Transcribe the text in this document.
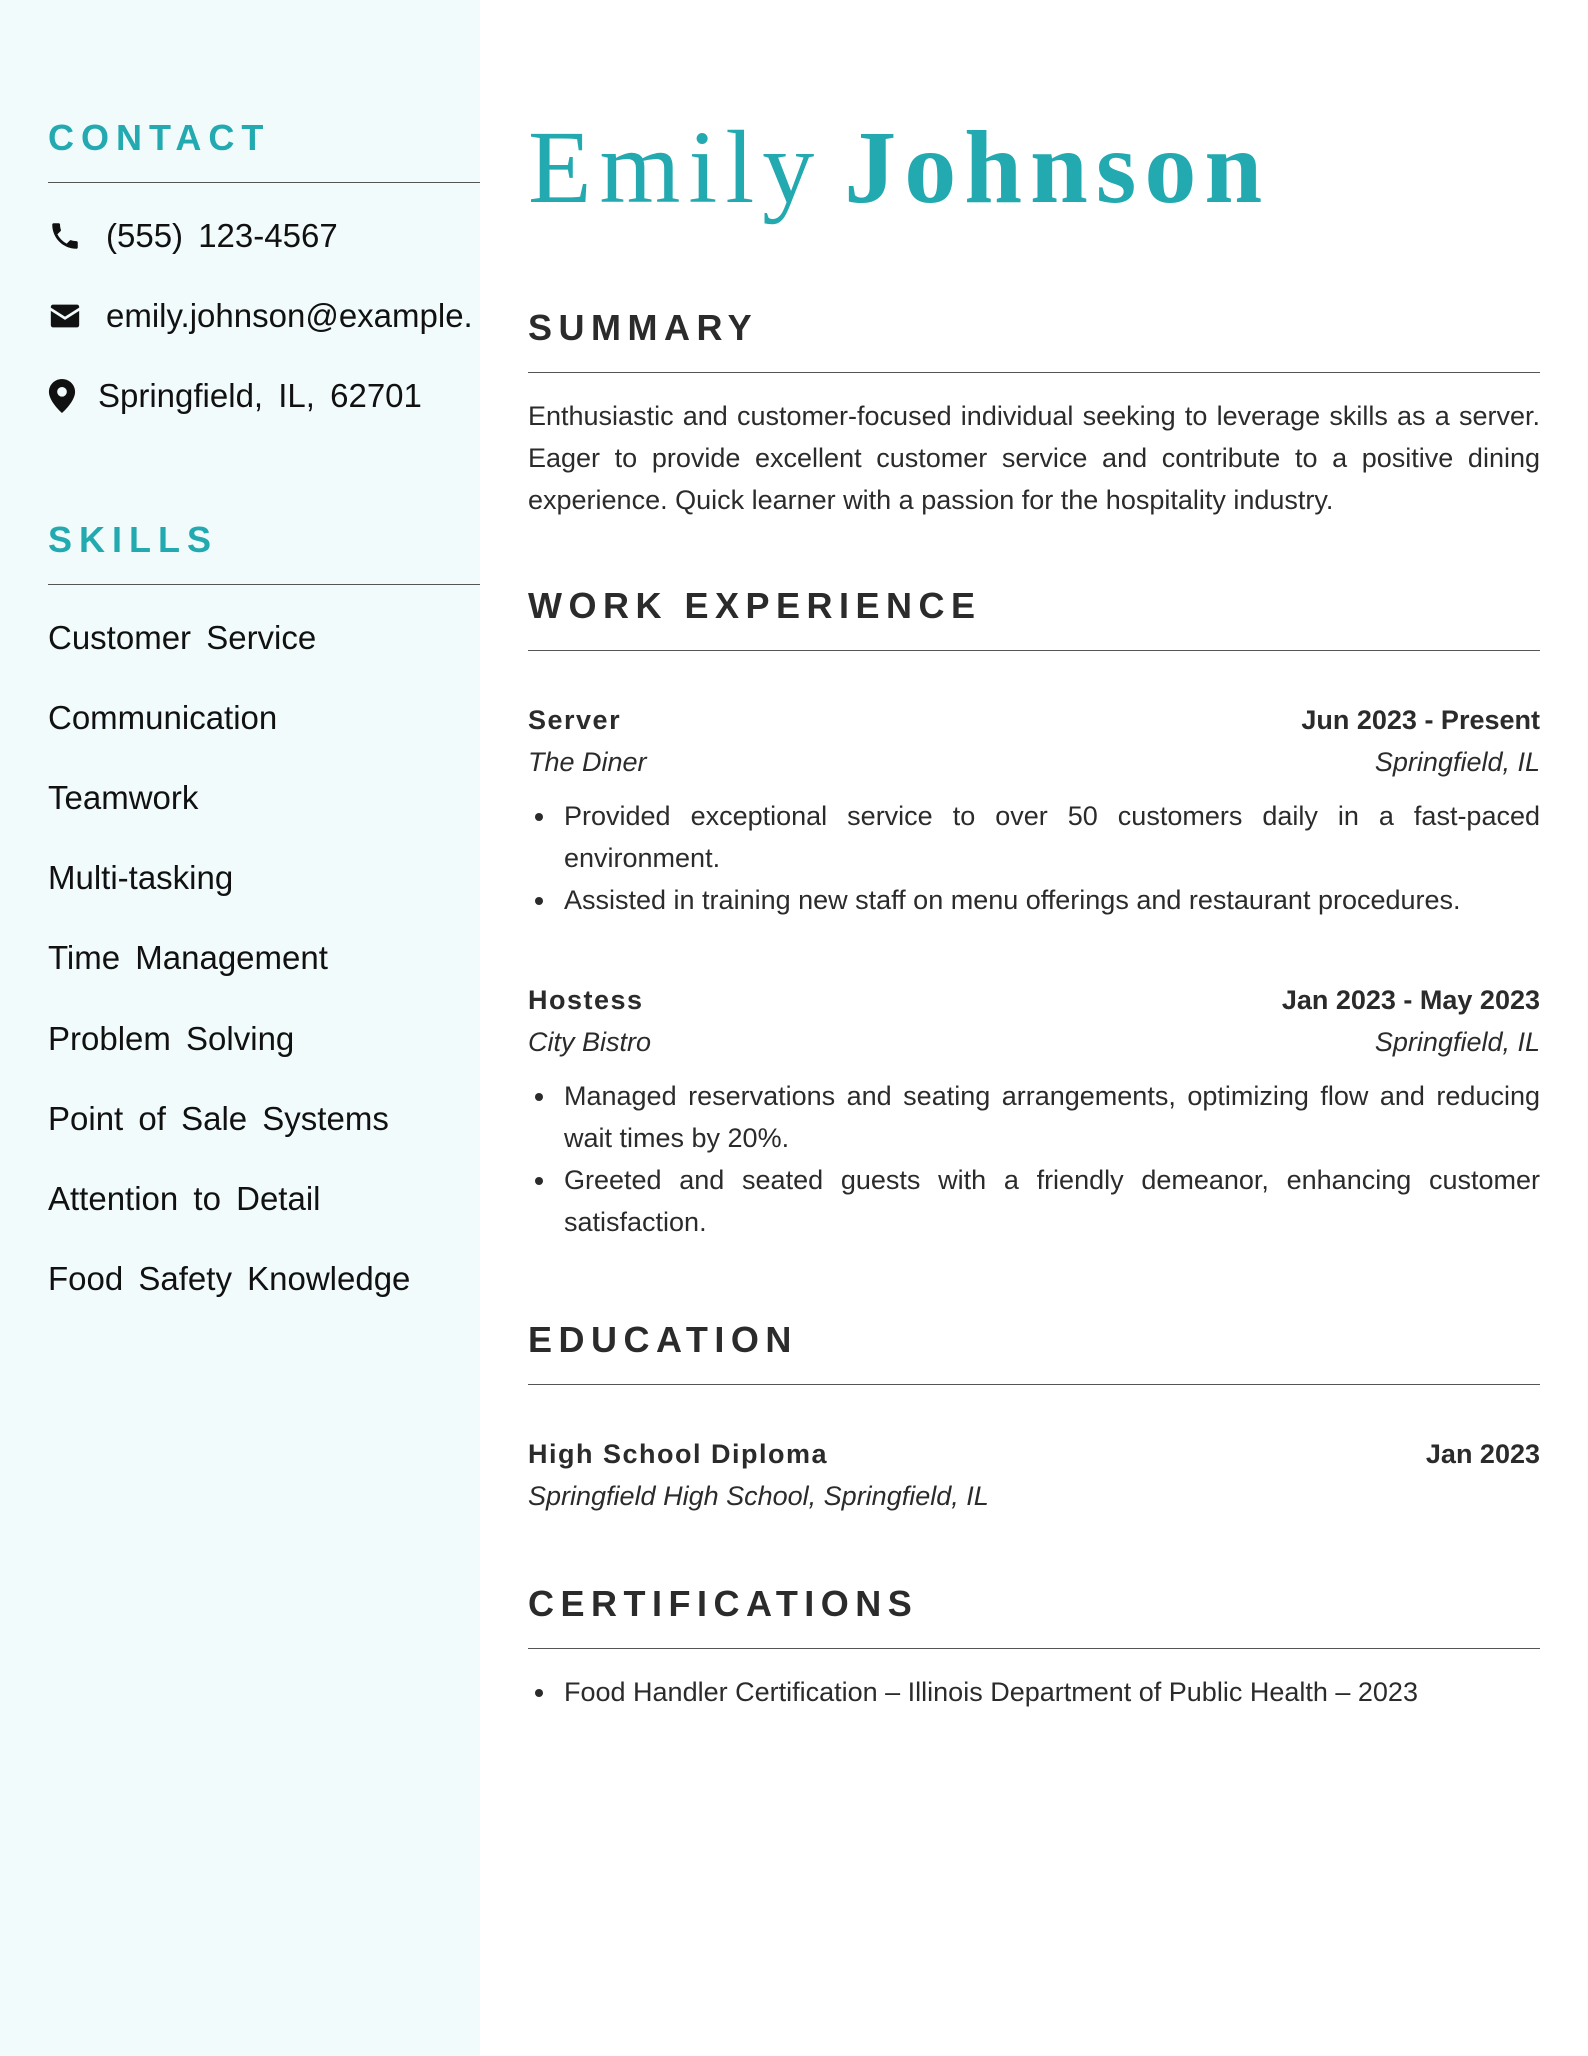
CONTACT
(555) 123-4567
emily.johnson@example.
Springfield, IL, 62701
SKILLS
Customer Service
Communication
Teamwork
Multi-tasking
Time Management
Problem Solving
Point of Sale Systems
Attention to Detail
Food Safety Knowledge
Emily Johnson
SUMMARY

Enthusiastic and customer-focused individual seeking to leverage skills as a server. Eager to provide excellent customer service and contribute to a positive dining experience. Quick learner with a passion for the hospitality industry.

WORK EXPERIENCE
Server	Jun 2023 - Present
The Diner	Springfield, IL
Provided exceptional service to over 50 customers daily in a fast-paced environment.
Assisted in training new staff on menu offerings and restaurant procedures.
Hostess	Jan 2023 - May 2023
City Bistro	Springfield, IL
Managed reservations and seating arrangements, optimizing flow and reducing wait times by 20%.
Greeted and seated guests with a friendly demeanor, enhancing customer satisfaction.
EDUCATION
High School Diploma	Jan 2023
Springfield High School, Springfield, IL
CERTIFICATIONS
Food Handler Certification – Illinois Department of Public Health – 2023
